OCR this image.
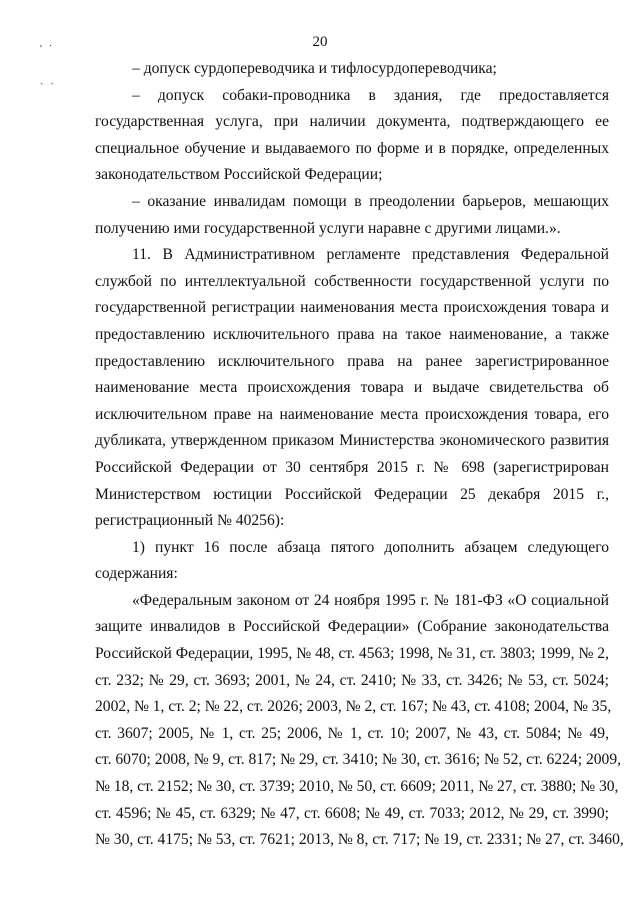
20
' ˙
ˏ ˎ
– допуск сурдопереводчика и тифлосурдопереводчика;
– допуск собаки-проводника в здания, где предоставляется
государственная услуга, при наличии документа, подтверждающего ее
специальное обучение и выдаваемого по форме и в порядке, определенных
законодательством Российской Федерации;
– оказание инвалидам помощи в преодолении барьеров, мешающих
получению ими государственной услуги наравне с другими лицами.».
11. В Административном регламенте представления Федеральной
службой по интеллектуальной собственности государственной услуги по
государственной регистрации наименования места происхождения товара и
предоставлению исключительного права на такое наименование, а также
предоставлению исключительного права на ранее зарегистрированное
наименование места происхождения товара и выдаче свидетельства об
исключительном праве на наименование места происхождения товара, его
дубликата, утвержденном приказом Министерства экономического развития
Российской Федерации от 30 сентября 2015 г. № 698 (зарегистрирован
Министерством юстиции Российской Федерации 25 декабря 2015 г.,
регистрационный № 40256):
1) пункт 16 после абзаца пятого дополнить абзацем следующего
содержания:
«Федеральным законом от 24 ноября 1995 г. № 181-ФЗ «О социальной
защите инвалидов в Российской Федерации» (Собрание законодательства
Российской Федерации, 1995, № 48, ст. 4563; 1998, № 31, ст. 3803; 1999, № 2,
ст. 232; № 29, ст. 3693; 2001, № 24, ст. 2410; № 33, ст. 3426; № 53, ст. 5024;
2002, № 1, ст. 2; № 22, ст. 2026; 2003, № 2, ст. 167; № 43, ст. 4108; 2004, № 35,
ст. 3607; 2005, № 1, ст. 25; 2006, № 1, ст. 10; 2007, № 43, ст. 5084; № 49,
ст. 6070; 2008, № 9, ст. 817; № 29, ст. 3410; № 30, ст. 3616; № 52, ст. 6224; 2009,
№ 18, ст. 2152; № 30, ст. 3739; 2010, № 50, ст. 6609; 2011, № 27, ст. 3880; № 30,
ст. 4596; № 45, ст. 6329; № 47, ст. 6608; № 49, ст. 7033; 2012, № 29, ст. 3990;
№ 30, ст. 4175; № 53, ст. 7621; 2013, № 8, ст. 717; № 19, ст. 2331; № 27, ст. 3460,
